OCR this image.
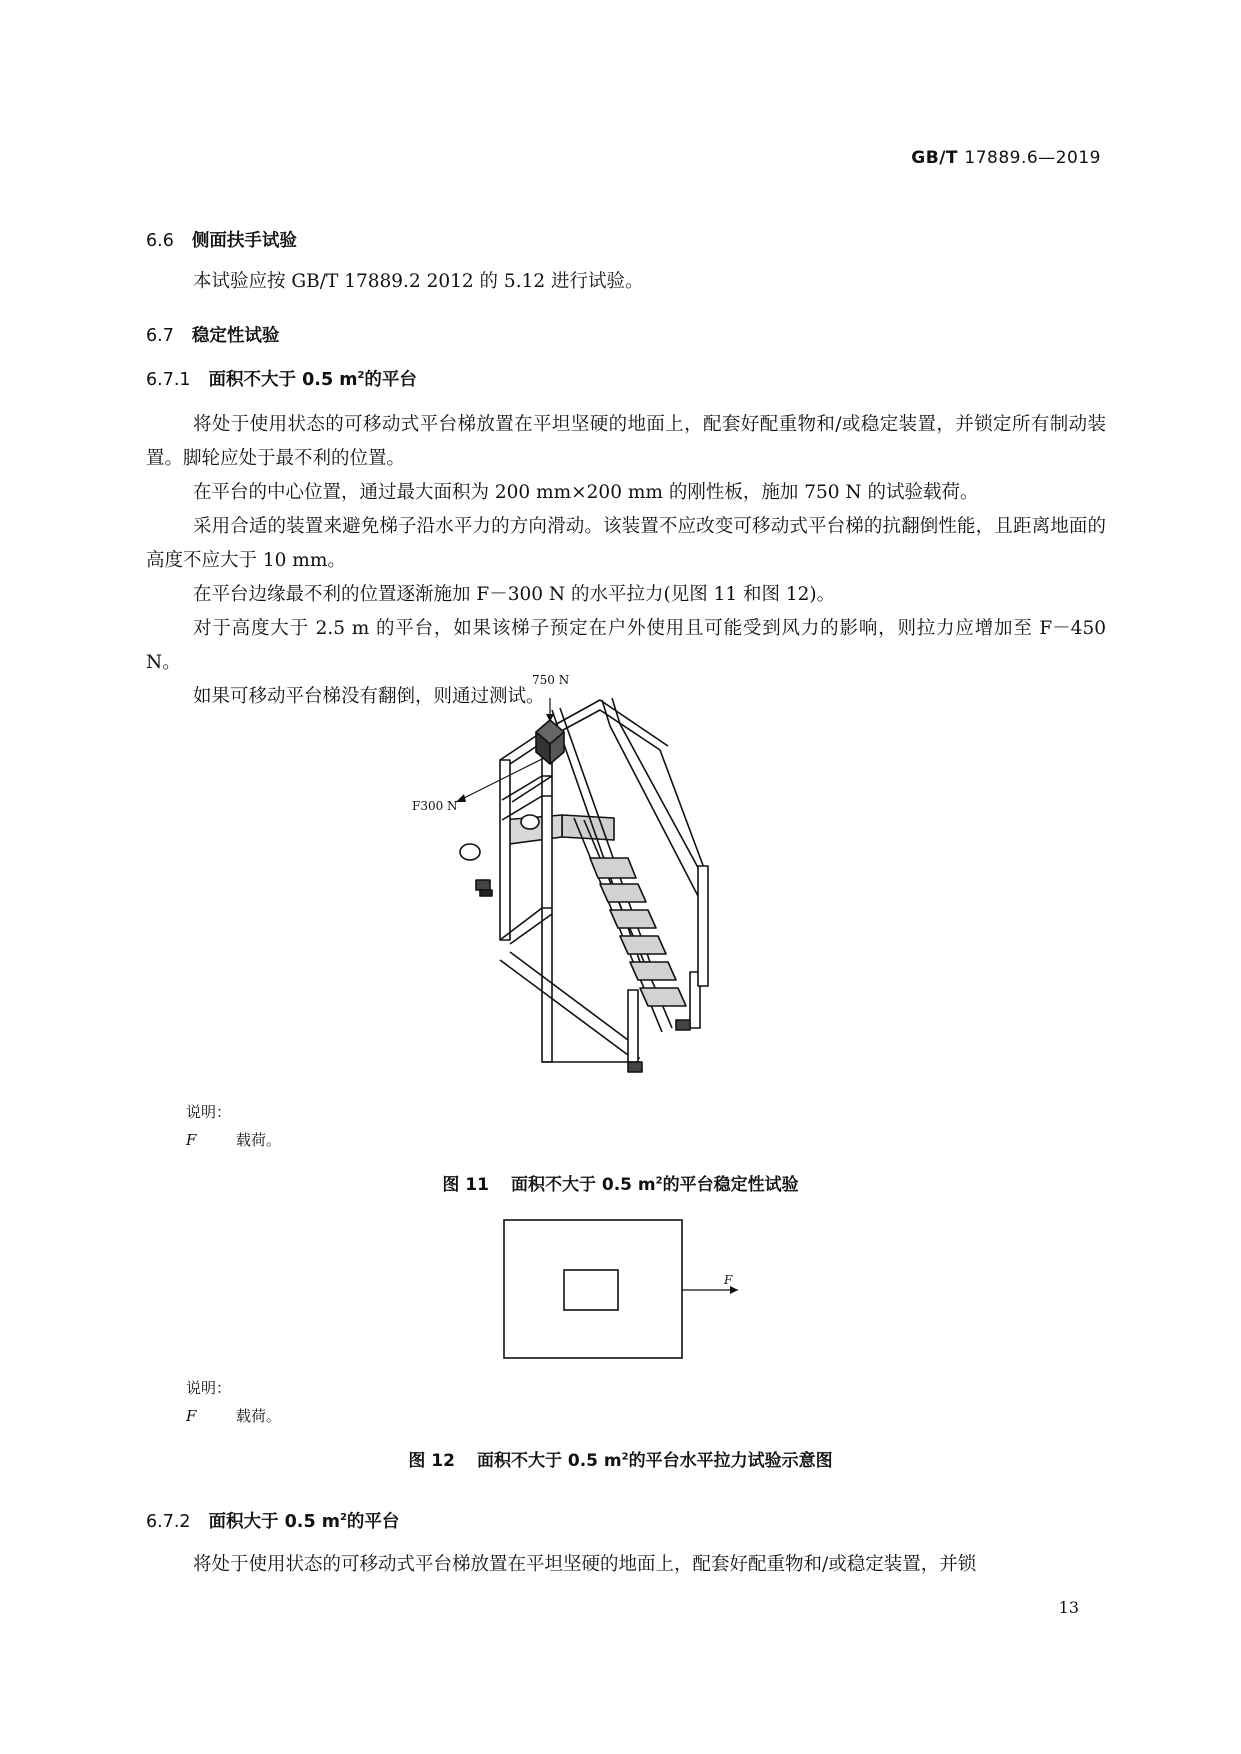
GB/T 17889.6—2019
6.6 侧面扶手试验
本试验应按 GB/T 17889.2 2012 的 5.12 进行试验。
6.7 稳定性试验
6.7.1 面积不大于 0.5 $m^2$的平台
将处于使用状态的可移动式平台梯放置在平坦坚硬的地面上，配套好配重物和/或稳定装置，并锁定所有制动装置。脚轮应处于最不利的位置。
在平台的中心位置，通过最大面积为 200 mm×200 mm 的刚性板，施加 750 N 的试验载荷。
采用合适的装置来避免梯子沿水平力的方向滑动。该装置不应改变可移动式平台梯的抗翻倒性能，且距离地面的高度不应大于 10 mm。
在平台边缘最不利的位置逐渐施加 F－300 N 的水平拉力(见图 11 和图 12)。
对于高度大于 2.5 m 的平台，如果该梯子预定在户外使用且可能受到风力的影响，则拉力应增加至 F－450 N。
如果可移动平台梯没有翻倒，则通过测试。
750 N
F300 N
说明：
F	载荷。
图 11 面积不大于 0.5 $m^2$的平台稳定性试验
F
说明：
F	载荷。
图 12 面积不大于 0.5 $m^2$的平台水平拉力试验示意图
6.7.2 面积大于 0.5 $m^2$的平台
将处于使用状态的可移动式平台梯放置在平坦坚硬的地面上，配套好配重物和/或稳定装置，并锁
13
